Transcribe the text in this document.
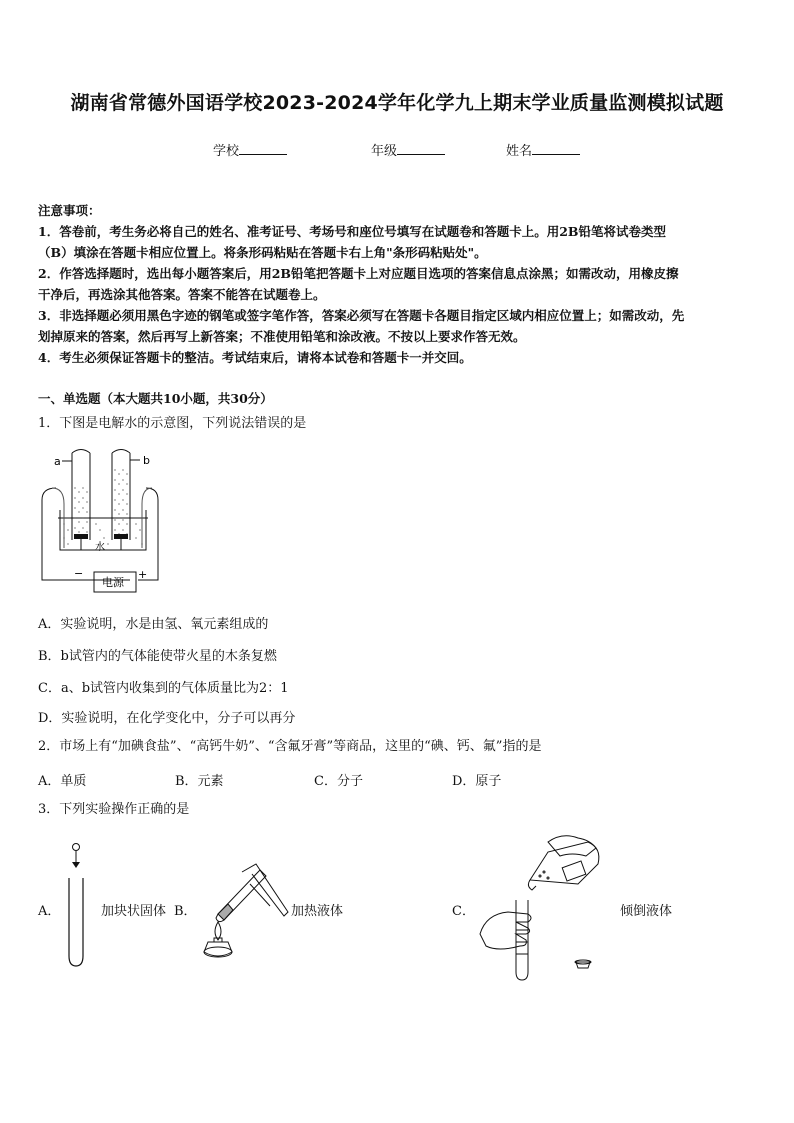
湖南省常德外国语学校2023-2024学年化学九上期末学业质量监测模拟试题
学校	年级	姓名
注意事项：
1．答卷前，考生务必将自己的姓名、准考证号、考场号和座位号填写在试题卷和答题卡上。用2B铅笔将试卷类型
（B）填涂在答题卡相应位置上。将条形码粘贴在答题卡右上角"条形码粘贴处"。
2．作答选择题时，选出每小题答案后，用2B铅笔把答题卡上对应题目选项的答案信息点涂黑；如需改动，用橡皮擦
干净后，再选涂其他答案。答案不能答在试题卷上。
3．非选择题必须用黑色字迹的钢笔或签字笔作答，答案必须写在答题卡各题目指定区域内相应位置上；如需改动，先
划掉原来的答案，然后再写上新答案；不准使用铅笔和涂改液。不按以上要求作答无效。
4．考生必须保证答题卡的整洁。考试结束后，请将本试卷和答题卡一并交回。
一、单选题（本大题共10小题，共30分）
1．下图是电解水的示意图，下列说法错误的是
a	b
水
−	+
电源
A．实验说明，水是由氢、氧元素组成的
B．b试管内的气体能使带火星的木条复燃
C．a、b试管内收集到的气体质量比为2：1
D．实验说明，在化学变化中，分子可以再分
2．市场上有“加碘食盐”、“高钙牛奶”、“含氟牙膏”等商品，这里的“碘、钙、氟”指的是
A．单质	B．元素	C．分子	D．原子
3．下列实验操作正确的是
A．	加块状固体 B．	加热液体	C．	倾倒液体
